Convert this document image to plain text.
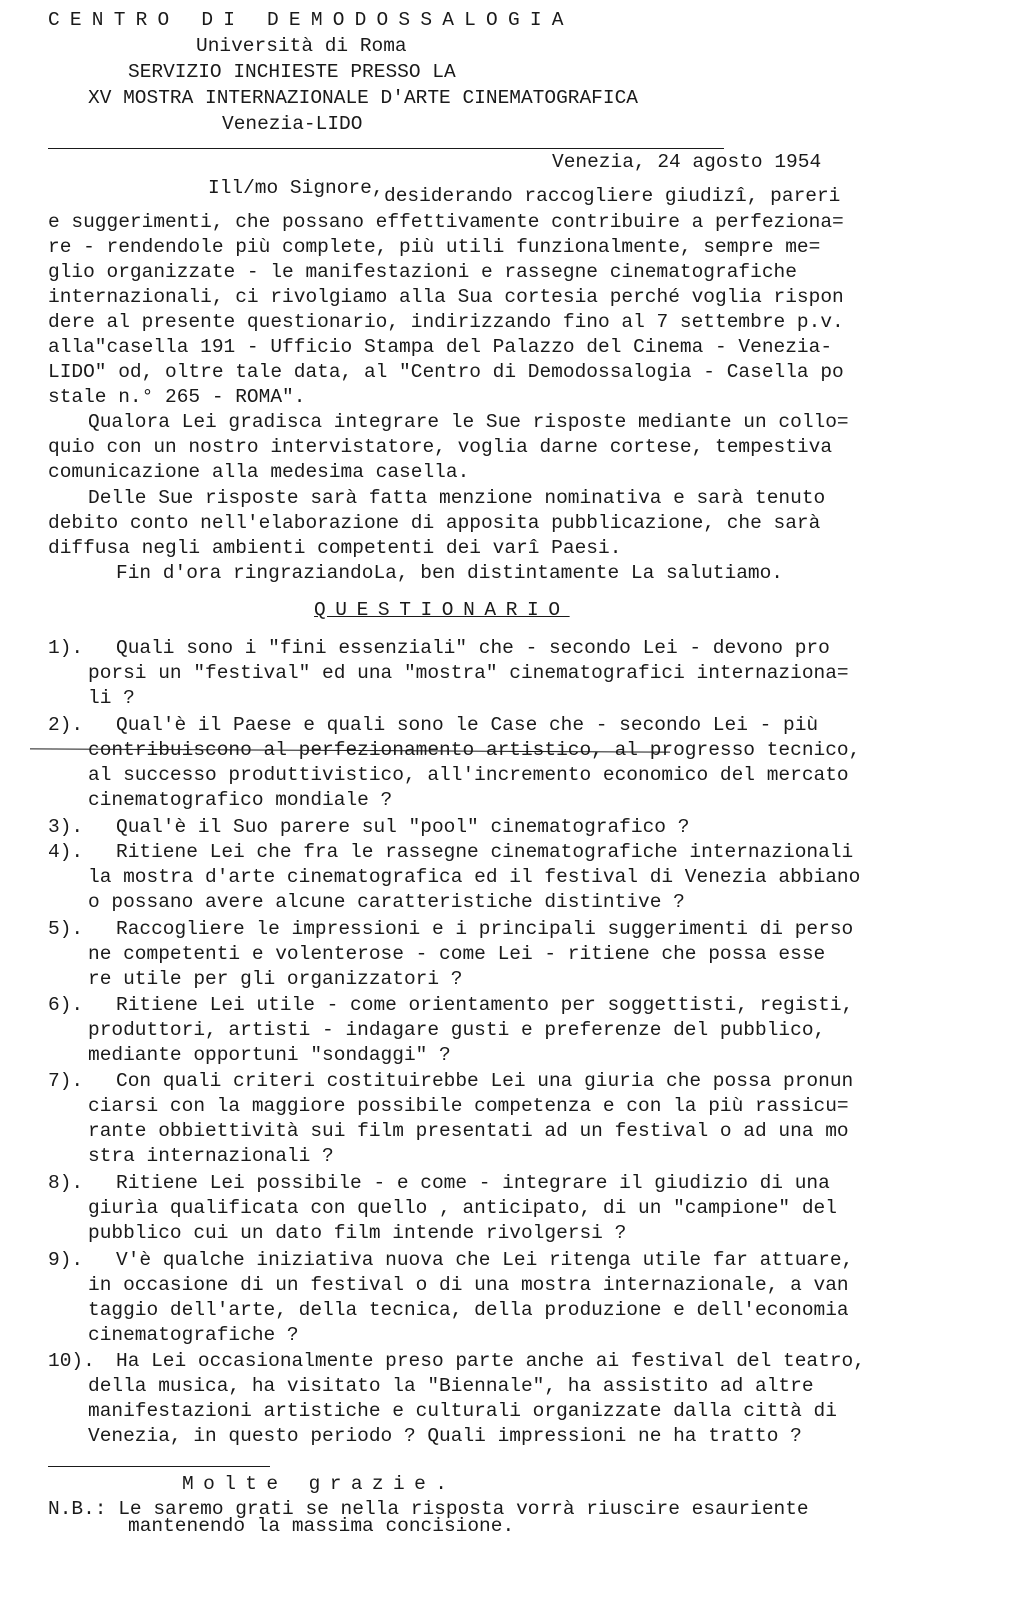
CENTRO DI DEMODOSSALOGIA
Università di Roma
SERVIZIO INCHIESTE PRESSO LA
XV MOSTRA INTERNAZIONALE D'ARTE CINEMATOGRAFICA
Venezia-LIDO
Venezia, 24 agosto 1954
Ill/mo Signore, desiderando raccogliere giudizî, pareri
e suggerimenti, che possano effettivamente contribuire a perfeziona=
re - rendendole più complete, più utili funzionalmente, sempre me=
glio organizzate - le manifestazioni e rassegne cinematografiche
internazionali, ci rivolgiamo alla Sua cortesia perché voglia rispon
dere al presente questionario, indirizzando fino al 7 settembre p.v.
alla"casella 191 - Ufficio Stampa del Palazzo del Cinema - Venezia-
LIDO" od, oltre tale data, al "Centro di Demodossalogia - Casella po
stale n.° 265 - ROMA".
Qualora Lei gradisca integrare le Sue risposte mediante un collo=
quio con un nostro intervistatore, voglia darne cortese, tempestiva
comunicazione alla medesima casella.
Delle Sue risposte sarà fatta menzione nominativa e sarà tenuto
debito conto nell'elaborazione di apposita pubblicazione, che sarà
diffusa negli ambienti competenti dei varî Paesi.
Fin d'ora ringraziandoLa, ben distintamente La salutiamo.
QUESTIONARIO
1). Quali sono i "fini essenziali" che - secondo Lei - devono pro
porsi un "festival" ed una "mostra" cinematografici internaziona=
li ?
2). Qual'è il Paese e quali sono le Case che - secondo Lei - più
contribuiscono al perfezionamento artistico, al progresso tecnico,
al successo produttivistico, all'incremento economico del mercato
cinematografico mondiale ?
3). Qual'è il Suo parere sul "pool" cinematografico ?
4). Ritiene Lei che fra le rassegne cinematografiche internazionali
la mostra d'arte cinematografica ed il festival di Venezia abbiano
o possano avere alcune caratteristiche distintive ?
5). Raccogliere le impressioni e i principali suggerimenti di perso
ne competenti e volenterose - come Lei - ritiene che possa esse
re utile per gli organizzatori ?
6). Ritiene Lei utile - come orientamento per soggettisti, registi,
produttori, artisti - indagare gusti e preferenze del pubblico,
mediante opportuni "sondaggi" ?
7). Con quali criteri costituirebbe Lei una giuria che possa pronun
ciarsi con la maggiore possibile competenza e con la più rassicu=
rante obbiettività sui film presentati ad un festival o ad una mo
stra internazionali ?
8). Ritiene Lei possibile - e come - integrare il giudizio di una
giurìa qualificata con quello , anticipato, di un "campione" del
pubblico cui un dato film intende rivolgersi ?
9). V'è qualche iniziativa nuova che Lei ritenga utile far attuare,
in occasione di un festival o di una mostra internazionale, a van
taggio dell'arte, della tecnica, della produzione e dell'economia
cinematografiche ?
10). Ha Lei occasionalmente preso parte anche ai festival del teatro,
della musica, ha visitato la "Biennale", ha assistito ad altre
manifestazioni artistiche e culturali organizzate dalla città di
Venezia, in questo periodo ? Quali impressioni ne ha tratto ?
Molte grazie.
N.B.: Le saremo grati se nella risposta vorrà riuscire esauriente
mantenendo la massima concisione.
